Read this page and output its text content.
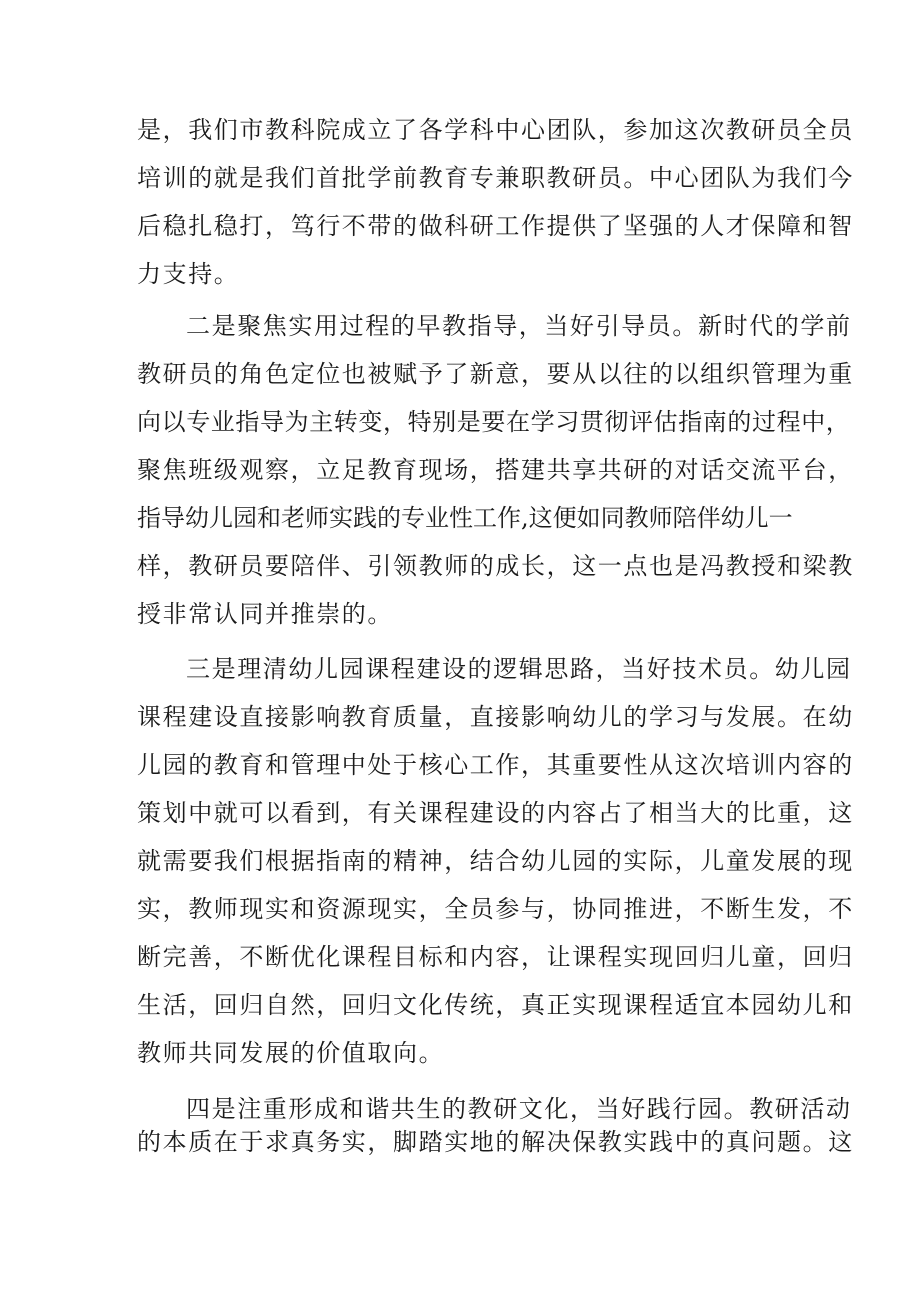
是，我们市教科院成立了各学科中心团队，参加这次教研员全员
培训的就是我们首批学前教育专兼职教研员。中心团队为我们今
后稳扎稳打，笃行不带的做科研工作提供了坚强的人才保障和智
力支持。
二是聚焦实用过程的早教指导，当好引导员。新时代的学前
教研员的角色定位也被赋予了新意，要从以往的以组织管理为重
向以专业指导为主转变，特别是要在学习贯彻评估指南的过程中，
聚焦班级观察，立足教育现场，搭建共享共研的对话交流平台，
指导幼儿园和老师实践的专业性工作,这便如同教师陪伴幼儿一
样，教研员要陪伴、引领教师的成长，这一点也是冯教授和梁教
授非常认同并推崇的。
三是理清幼儿园课程建设的逻辑思路，当好技术员。幼儿园
课程建设直接影响教育质量，直接影响幼儿的学习与发展。在幼
儿园的教育和管理中处于核心工作，其重要性从这次培训内容的
策划中就可以看到，有关课程建设的内容占了相当大的比重，这
就需要我们根据指南的精神，结合幼儿园的实际，儿童发展的现
实，教师现实和资源现实，全员参与，协同推进，不断生发，不
断完善，不断优化课程目标和内容，让课程实现回归儿童，回归
生活，回归自然，回归文化传统，真正实现课程适宜本园幼儿和
教师共同发展的价值取向。
四是注重形成和谐共生的教研文化，当好践行园。教研活动
的本质在于求真务实，脚踏实地的解决保教实践中的真问题。这
